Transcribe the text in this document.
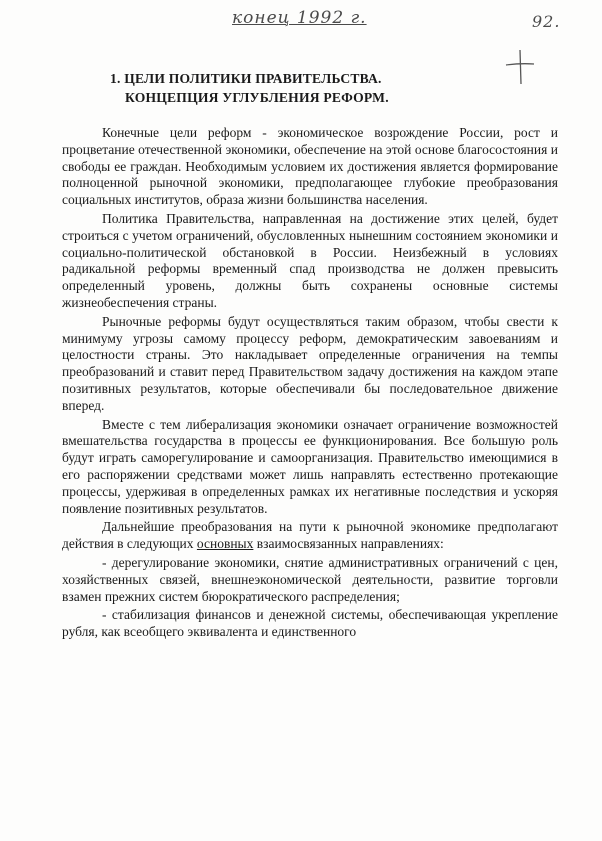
конец 1992 г.	92.
1. ЦЕЛИ ПОЛИТИКИ ПРАВИТЕЛЬСТВА.
КОНЦЕПЦИЯ УГЛУБЛЕНИЯ РЕФОРМ.

Конечные цели реформ - экономическое возрождение России, рост и процветание отечественной экономики, обеспечение на этой основе благосостояния и свободы ее граждан. Необходимым условием их достижения является формирование полноценной рыночной экономики, предполагающее глубокие преобразования социальных институтов, образа жизни большинства населения.

Политика Правительства, направленная на достижение этих целей, будет строиться с учетом ограничений, обусловленных нынешним состоянием экономики и социально-политической обстановкой в России. Неизбежный в условиях радикальной реформы временный спад производства не должен превысить определенный уровень, должны быть сохранены основные системы жизнеобеспечения страны.

Рыночные реформы будут осуществляться таким образом, чтобы свести к минимуму угрозы самому процессу реформ, демократическим завоеваниям и целостности страны. Это накладывает определенные ограничения на темпы преобразований и ставит перед Правительством задачу достижения на каждом этапе позитивных результатов, которые обеспечивали бы последовательное движение вперед.

Вместе с тем либерализация экономики означает ограничение возможностей вмешательства государства в процессы ее функционирования. Все большую роль будут играть саморегулирование и самоорганизация. Правительство имеющимися в его распоряжении средствами может лишь направлять естественно протекающие процессы, удерживая в определенных рамках их негативные последствия и ускоряя появление позитивных результатов.

Дальнейшие преобразования на пути к рыночной экономике предполагают действия в следующих основных взаимосвязанных направлениях:

- дерегулирование экономики, снятие административных ограничений с цен, хозяйственных связей, внешнеэкономической деятельности, развитие торговли взамен прежних систем бюрократического распределения;

- стабилизация финансов и денежной системы, обеспечивающая укрепление рубля, как всеобщего эквивалента и единственного
